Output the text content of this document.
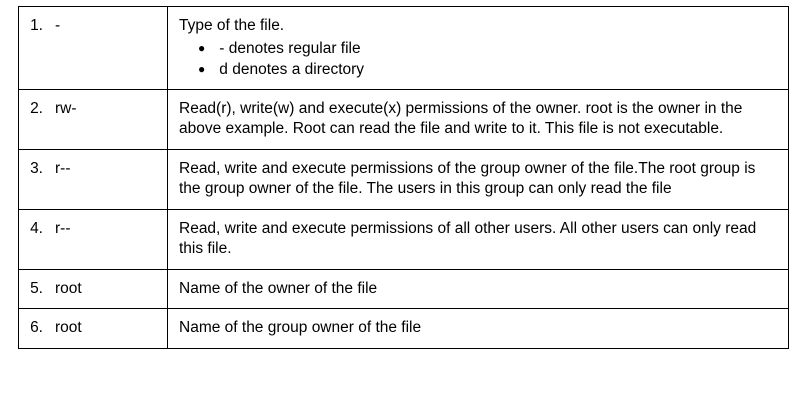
1. -	Type of the file.

● - denotes regular file
● d denotes a directory

2. rw-	Read(r), write(w) and execute(x) permissions of the owner. root is the owner in the above example. Root can read the file and write to it. This file is not executable.

3. r--	Read, write and execute permissions of the group owner of the file.The root group is the group owner of the file. The users in this group can only read the file

4. r--	Read, write and execute permissions of all other users. All other users can only read this file.

5. root	Name of the owner of the file

6. root	Name of the group owner of the file
